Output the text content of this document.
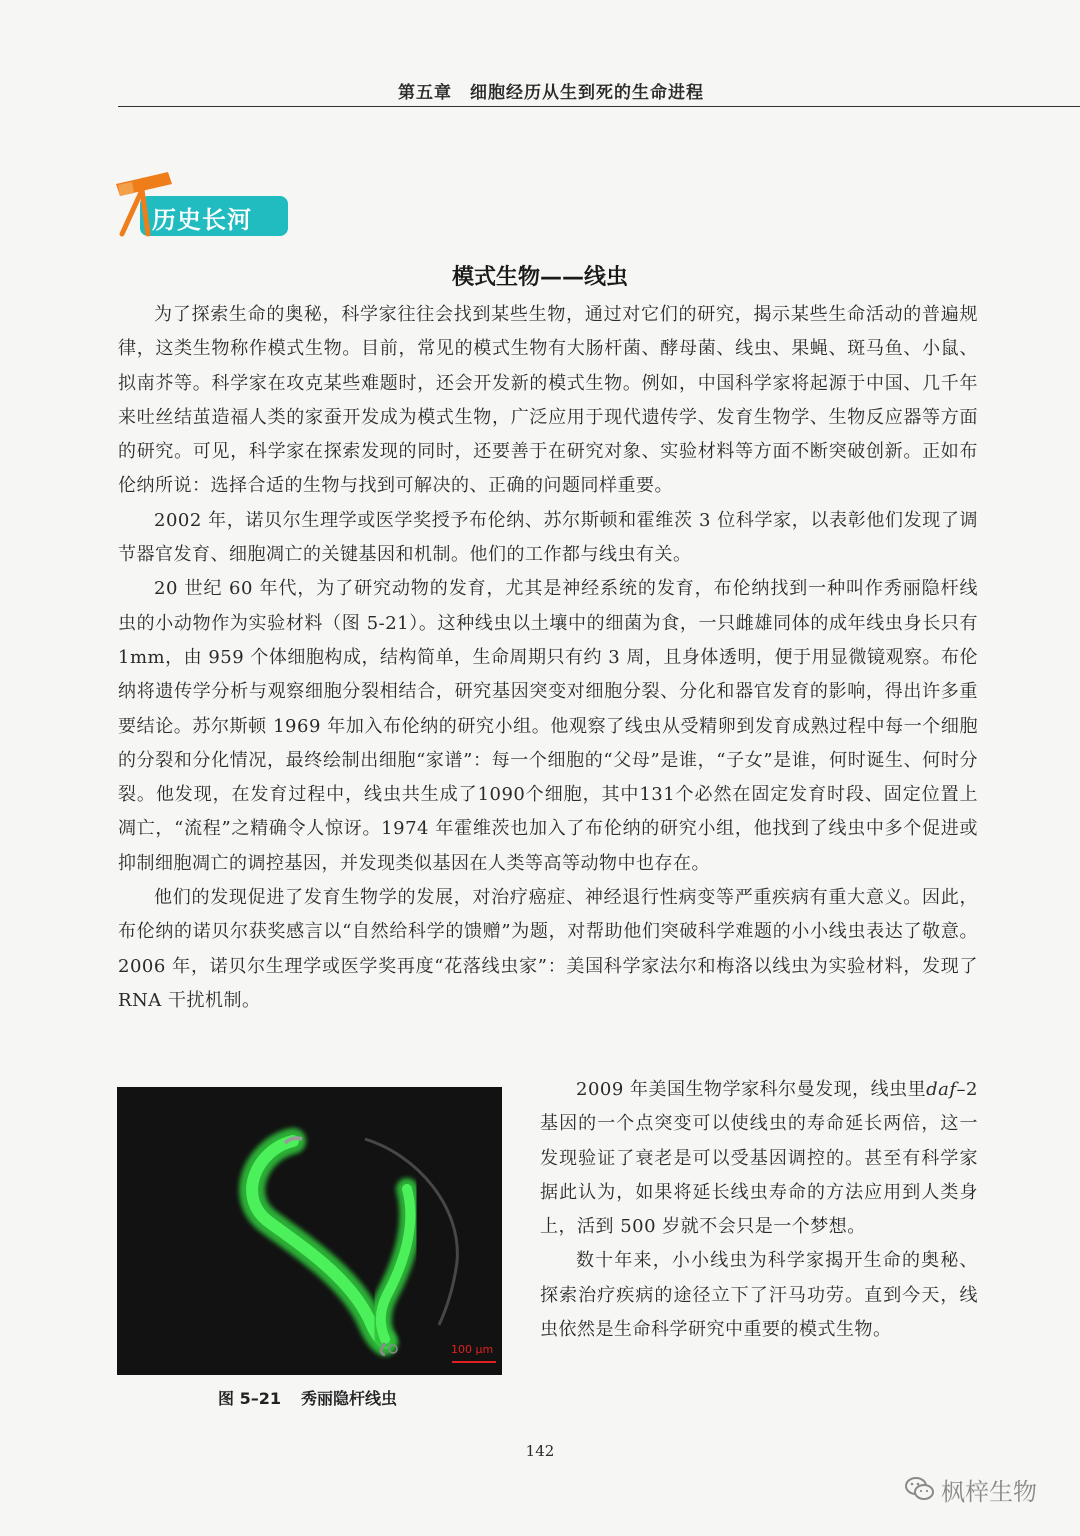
第五章　细胞经历从生到死的生命进程
历史长河
模式生物——线虫

为了探索生命的奥秘，科学家往往会找到某些生物，通过对它们的研究，揭示某些生命活动的普遍规律，这类生物称作模式生物。目前，常见的模式生物有大肠杆菌、酵母菌、线虫、果蝇、斑马鱼、小鼠、拟南芥等。科学家在攻克某些难题时，还会开发新的模式生物。例如，中国科学家将起源于中国、几千年来吐丝结茧造福人类的家蚕开发成为模式生物，广泛应用于现代遗传学、发育生物学、生物反应器等方面的研究。可见，科学家在探索发现的同时，还要善于在研究对象、实验材料等方面不断突破创新。正如布伦纳所说：选择合适的生物与找到可解决的、正确的问题同样重要。

2002 年，诺贝尔生理学或医学奖授予布伦纳、苏尔斯顿和霍维茨 3 位科学家，以表彰他们发现了调节器官发育、细胞凋亡的关键基因和机制。他们的工作都与线虫有关。

20 世纪 60 年代，为了研究动物的发育，尤其是神经系统的发育，布伦纳找到一种叫作秀丽隐杆线虫的小动物作为实验材料（图 5-21）。这种线虫以土壤中的细菌为食，一只雌雄同体的成年线虫身长只有 1mm，由 959 个体细胞构成，结构简单，生命周期只有约 3 周，且身体透明，便于用显微镜观察。布伦纳将遗传学分析与观察细胞分裂相结合，研究基因突变对细胞分裂、分化和器官发育的影响，得出许多重要结论。苏尔斯顿 1969 年加入布伦纳的研究小组。他观察了线虫从受精卵到发育成熟过程中每一个细胞的分裂和分化情况，最终绘制出细胞“家谱”：每一个细胞的“父母”是谁，“子女”是谁，何时诞生、何时分裂。他发现，在发育过程中，线虫共生成了1090个细胞，其中131个必然在固定发育时段、固定位置上凋亡，“流程”之精确令人惊讶。1974 年霍维茨也加入了布伦纳的研究小组，他找到了线虫中多个促进或抑制细胞凋亡的调控基因，并发现类似基因在人类等高等动物中也存在。

他们的发现促进了发育生物学的发展，对治疗癌症、神经退行性病变等严重疾病有重大意义。因此，布伦纳的诺贝尔获奖感言以“自然给科学的馈赠”为题，对帮助他们突破科学难题的小小线虫表达了敬意。2006 年，诺贝尔生理学或医学奖再度“花落线虫家”：美国科学家法尔和梅洛以线虫为实验材料，发现了 RNA 干扰机制。

100 μm
图 5–21 秀丽隐杆线虫

2009 年美国生物学家科尔曼发现，线虫里daf–2 基因的一个点突变可以使线虫的寿命延长两倍，这一发现验证了衰老是可以受基因调控的。甚至有科学家据此认为，如果将延长线虫寿命的方法应用到人类身上，活到 500 岁就不会只是一个梦想。

数十年来，小小线虫为科学家揭开生命的奥秘、探索治疗疾病的途径立下了汗马功劳。直到今天，线虫依然是生命科学研究中重要的模式生物。

142
枫梓生物
